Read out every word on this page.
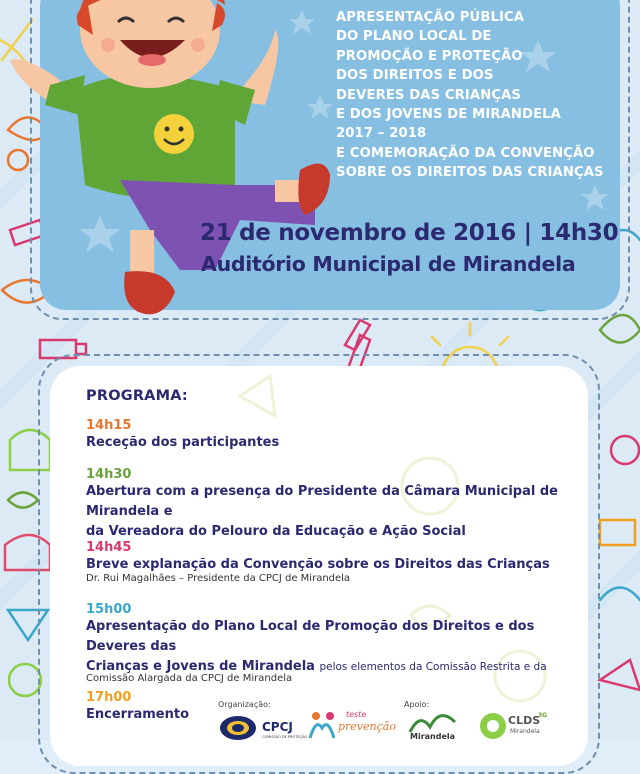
APRESENTAÇÃO PÚBLICA
DO PLANO LOCAL DE
PROMOÇÃO E PROTEÇÃO
DOS DIREITOS E DOS
DEVERES DAS CRIANÇAS
E DOS JOVENS DE MIRANDELA
2017 – 2018
E COMEMORAÇÃO DA CONVENÇÃO
SOBRE OS DIREITOS DAS CRIANÇAS
21 de novembro de 2016 | 14h30
Auditório Municipal de Mirandela
PROGRAMA:
14h15
Receção dos participantes
14h30
Abertura com a presença do Presidente da Câmara Municipal de Mirandela e
da Vereadora do Pelouro da Educação e Ação Social
14h45
Breve explanação da Convenção sobre os Direitos das Crianças
Dr. Rui Magalhães – Presidente da CPCJ de Mirandela
15h00
Apresentação do Plano Local de Promoção dos Direitos e dos Deveres das
Crianças e Jovens de Mirandela pelos elementos da Comissão Restrita e da
Comissão Alargada da CPCJ de Mirandela
17h00
Encerramento
Organização:	Apoio:
CPCJ
COMISSÃO DE PROTEÇÃO
teste
prevenção
Mirandela
CLDS
3G
Mirandela
